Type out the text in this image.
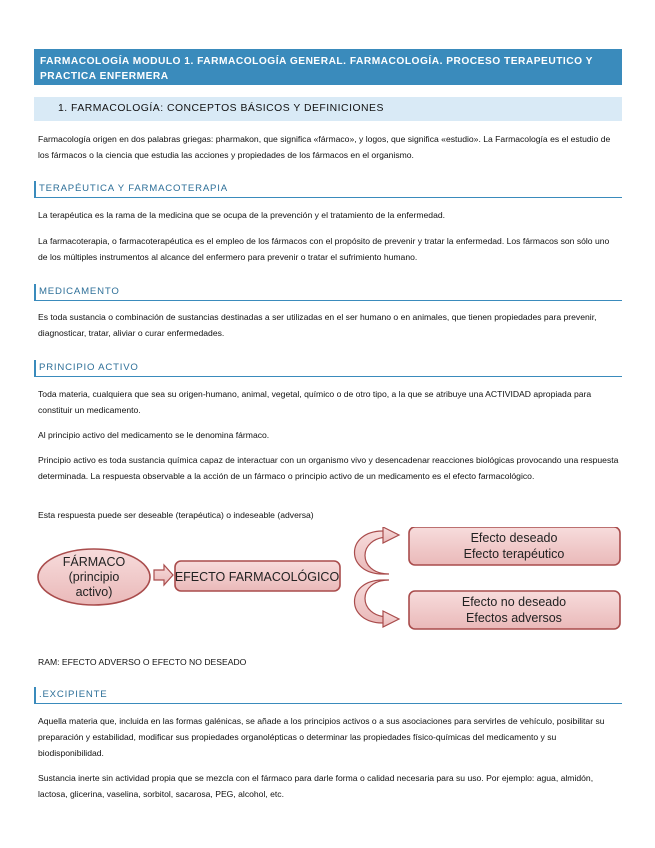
FARMACOLOGÍA MODULO 1. FARMACOLOGÍA GENERAL. FARMACOLOGÍA. PROCESO TERAPEUTICO Y PRACTICA ENFERMERA
1. FARMACOLOGÍA: CONCEPTOS BÁSICOS Y DEFINICIONES
Farmacología origen en dos palabras griegas: pharmakon, que significa «fármaco», y logos, que significa «estudio». La Farmacología es el estudio de los fármacos o la ciencia que estudia las acciones y propiedades de los fármacos en el organismo.
TERAPÉUTICA Y FARMACOTERAPIA
La terapéutica es la rama de la medicina que se ocupa de la prevención y el tratamiento de la enfermedad.
La farmacoterapia, o farmacoterapéutica es el empleo de los fármacos con el propósito de prevenir y tratar la enfermedad. Los fármacos son sólo uno de los múltiples instrumentos al alcance del enfermero para prevenir o tratar el sufrimiento humano.
MEDICAMENTO
Es toda sustancia o combinación de sustancias destinadas a ser utilizadas en el ser humano o en animales, que tienen propiedades para prevenir, diagnosticar, tratar, aliviar o curar enfermedades.
PRINCIPIO ACTIVO
Toda materia, cualquiera que sea su origen-humano, animal, vegetal, químico o de otro tipo, a la que se atribuye una ACTIVIDAD apropiada para constituir un medicamento.
Al principio activo del medicamento se le denomina fármaco.
Principio activo es toda sustancia química capaz de interactuar con un organismo vivo y desencadenar reacciones biológicas provocando una respuesta determinada. La respuesta observable a la acción de un fármaco o principio activo de un medicamento es el efecto farmacológico.
Esta respuesta puede ser deseable (terapéutica) o indeseable (adversa)
FÁRMACO
(principio
activo)
EFECTO FARMACOLÓGICO
Efecto deseado
Efecto terapéutico
Efecto no deseado
Efectos adversos
RAM: EFECTO ADVERSO O EFECTO NO DESEADO
.EXCIPIENTE
Aquella materia que, incluida en las formas galénicas, se añade a los principios activos o a sus asociaciones para servirles de vehículo, posibilitar su preparación y estabilidad, modificar sus propiedades organolépticas o determinar las propiedades físico-químicas del medicamento y su biodisponibilidad.
Sustancia inerte sin actividad propia que se mezcla con el fármaco para darle forma o calidad necesaria para su uso. Por ejemplo: agua, almidón, lactosa, glicerina, vaselina, sorbitol, sacarosa, PEG, alcohol, etc.
